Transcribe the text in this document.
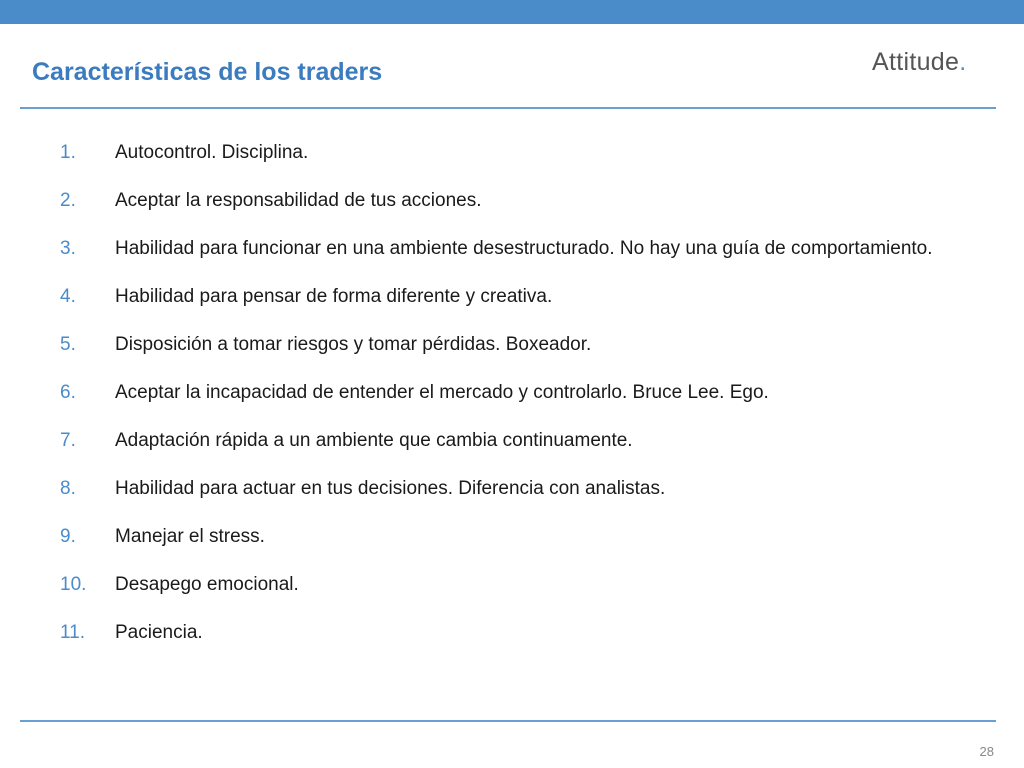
Características de los traders	Attitude.
1.	Autocontrol. Disciplina.
2.	Aceptar la responsabilidad de tus acciones.
3.	Habilidad para funcionar en una ambiente desestructurado. No hay una guía de comportamiento.
4.	Habilidad para pensar de forma diferente y creativa.
5.	Disposición a tomar riesgos y tomar pérdidas. Boxeador.
6.	Aceptar la incapacidad de entender el mercado y controlarlo. Bruce Lee. Ego.
7.	Adaptación rápida a un ambiente que cambia continuamente.
8.	Habilidad para actuar en tus decisiones. Diferencia con analistas.
9.	Manejar el stress.
10.	Desapego emocional.
11.	Paciencia.
28
